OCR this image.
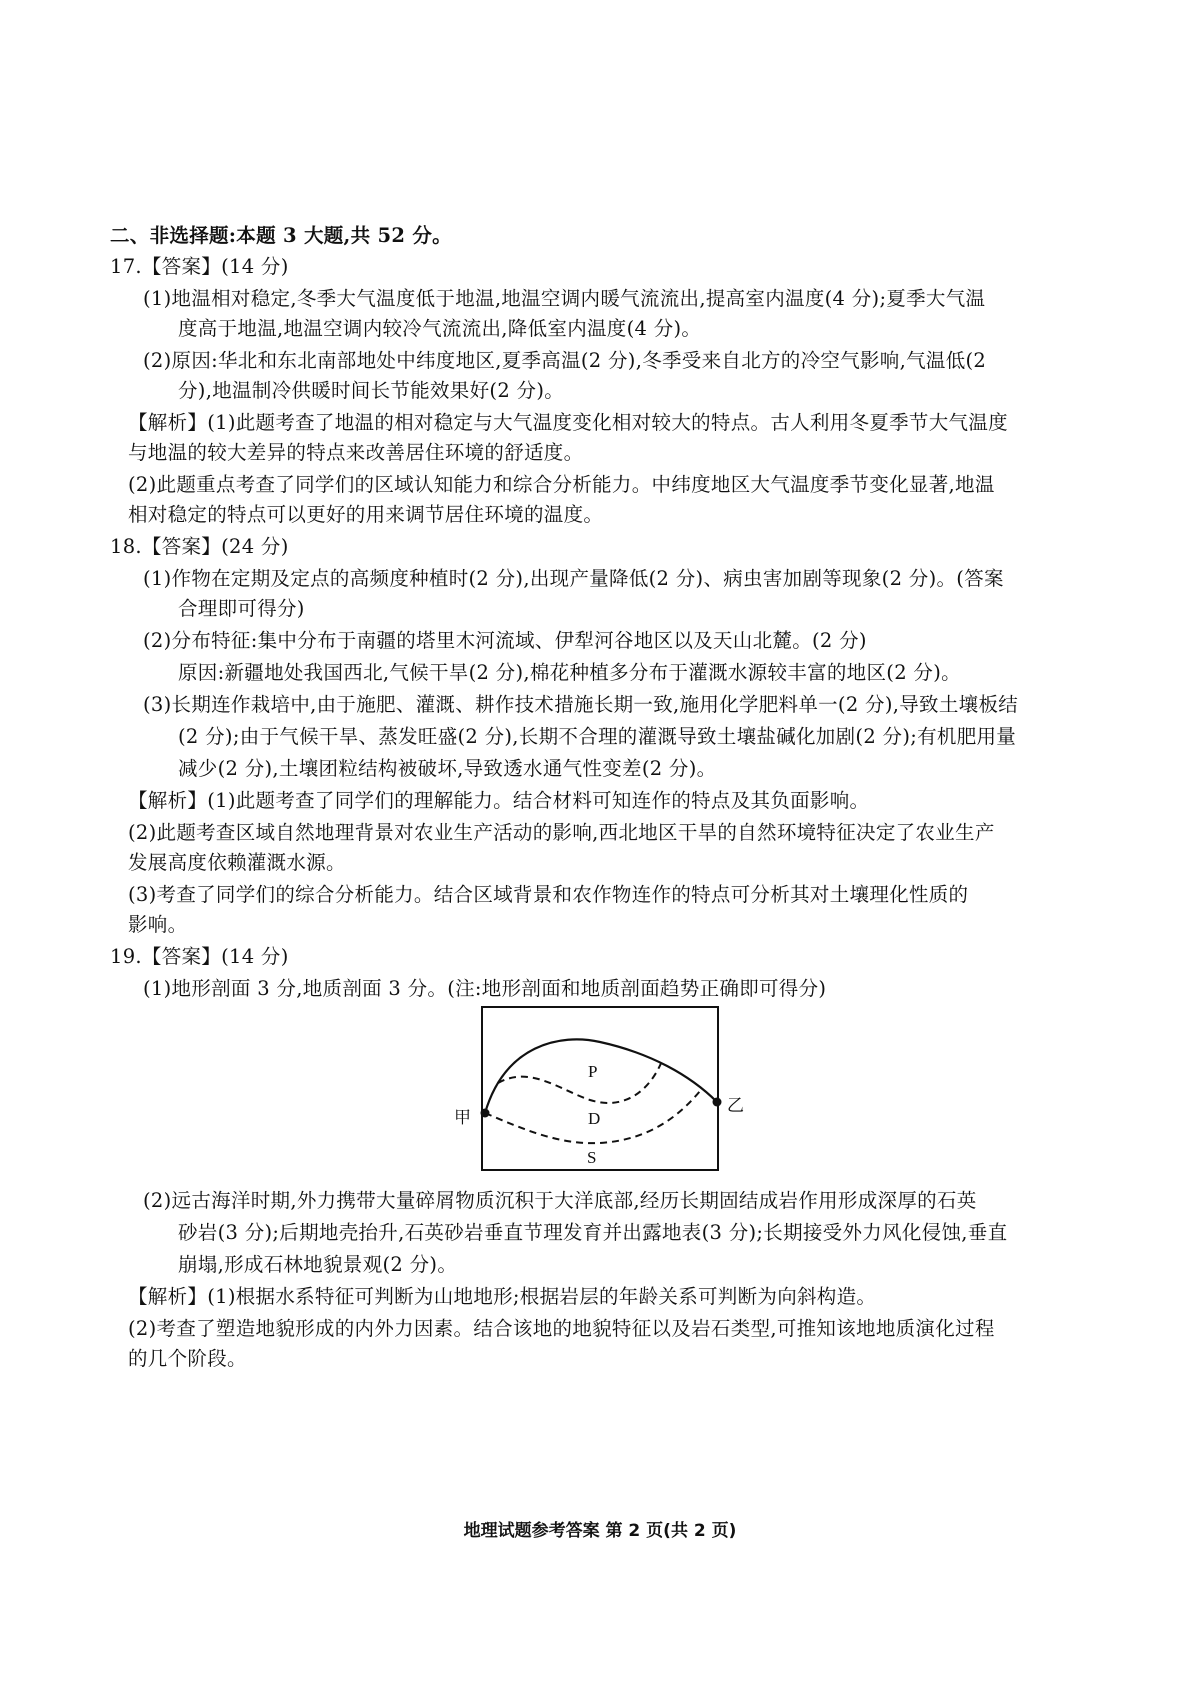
二、非选择题:本题 3 大题,共 52 分。
17.【答案】(14 分)
(1)地温相对稳定,冬季大气温度低于地温,地温空调内暖气流流出,提高室内温度(4 分);夏季大气温
度高于地温,地温空调内较冷气流流出,降低室内温度(4 分)。
(2)原因:华北和东北南部地处中纬度地区,夏季高温(2 分),冬季受来自北方的冷空气影响,气温低(2
分),地温制冷供暖时间长节能效果好(2 分)。
【解析】(1)此题考查了地温的相对稳定与大气温度变化相对较大的特点。古人利用冬夏季节大气温度
与地温的较大差异的特点来改善居住环境的舒适度。
(2)此题重点考查了同学们的区域认知能力和综合分析能力。中纬度地区大气温度季节变化显著,地温
相对稳定的特点可以更好的用来调节居住环境的温度。
18.【答案】(24 分)
(1)作物在定期及定点的高频度种植时(2 分),出现产量降低(2 分)、病虫害加剧等现象(2 分)。(答案
合理即可得分)
(2)分布特征:集中分布于南疆的塔里木河流域、伊犁河谷地区以及天山北麓。(2 分)
原因:新疆地处我国西北,气候干旱(2 分),棉花种植多分布于灌溉水源较丰富的地区(2 分)。
(3)长期连作栽培中,由于施肥、灌溉、耕作技术措施长期一致,施用化学肥料单一(2 分),导致土壤板结
(2 分);由于气候干旱、蒸发旺盛(2 分),长期不合理的灌溉导致土壤盐碱化加剧(2 分);有机肥用量
减少(2 分),土壤团粒结构被破坏,导致透水通气性变差(2 分)。
【解析】(1)此题考查了同学们的理解能力。结合材料可知连作的特点及其负面影响。
(2)此题考查区域自然地理背景对农业生产活动的影响,西北地区干旱的自然环境特征决定了农业生产
发展高度依赖灌溉水源。
(3)考查了同学们的综合分析能力。结合区域背景和农作物连作的特点可分析其对土壤理化性质的
影响。
19.【答案】(14 分)
(1)地形剖面 3 分,地质剖面 3 分。(注:地形剖面和地质剖面趋势正确即可得分)
甲
乙
P
D
S
(2)远古海洋时期,外力携带大量碎屑物质沉积于大洋底部,经历长期固结成岩作用形成深厚的石英
砂岩(3 分);后期地壳抬升,石英砂岩垂直节理发育并出露地表(3 分);长期接受外力风化侵蚀,垂直
崩塌,形成石林地貌景观(2 分)。
【解析】(1)根据水系特征可判断为山地地形;根据岩层的年龄关系可判断为向斜构造。
(2)考查了塑造地貌形成的内外力因素。结合该地的地貌特征以及岩石类型,可推知该地地质演化过程
的几个阶段。
地理试题参考答案 第 2 页(共 2 页)
